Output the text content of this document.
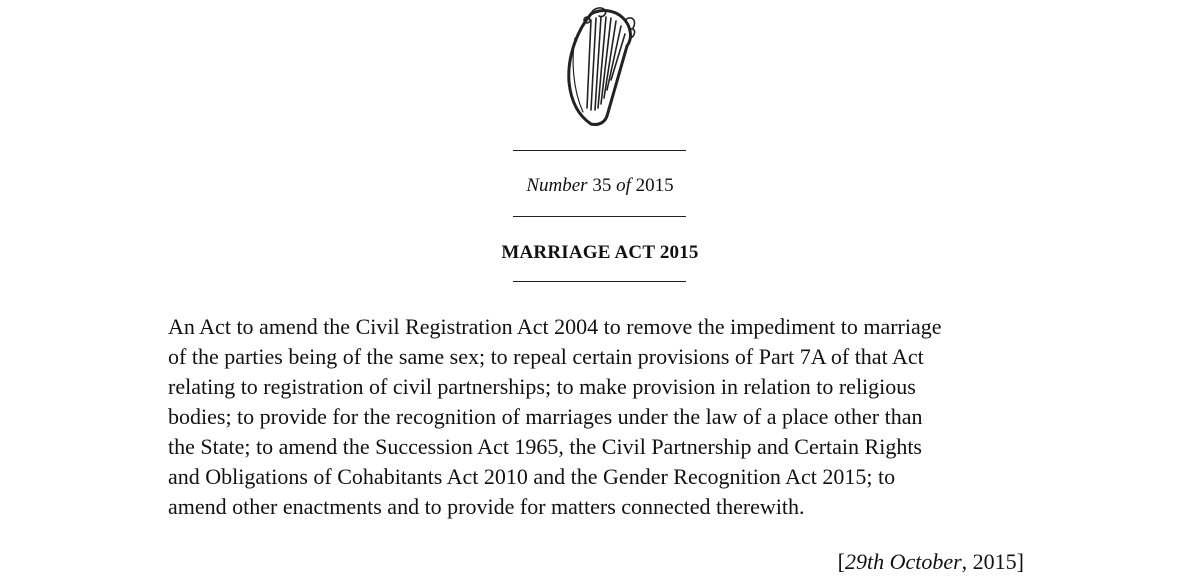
Number 35 of 2015
MARRIAGE ACT 2015

An Act to amend the Civil Registration Act 2004 to remove the impediment to marriage
of the parties being of the same sex; to repeal certain provisions of Part 7A of that Act
relating to registration of civil partnerships; to make provision in relation to religious
bodies; to provide for the recognition of marriages under the law of a place other than
the State; to amend the Succession Act 1965, the Civil Partnership and Certain Rights
and Obligations of Cohabitants Act 2010 and the Gender Recognition Act 2015; to
amend other enactments and to provide for matters connected therewith.

[29th October, 2015]
